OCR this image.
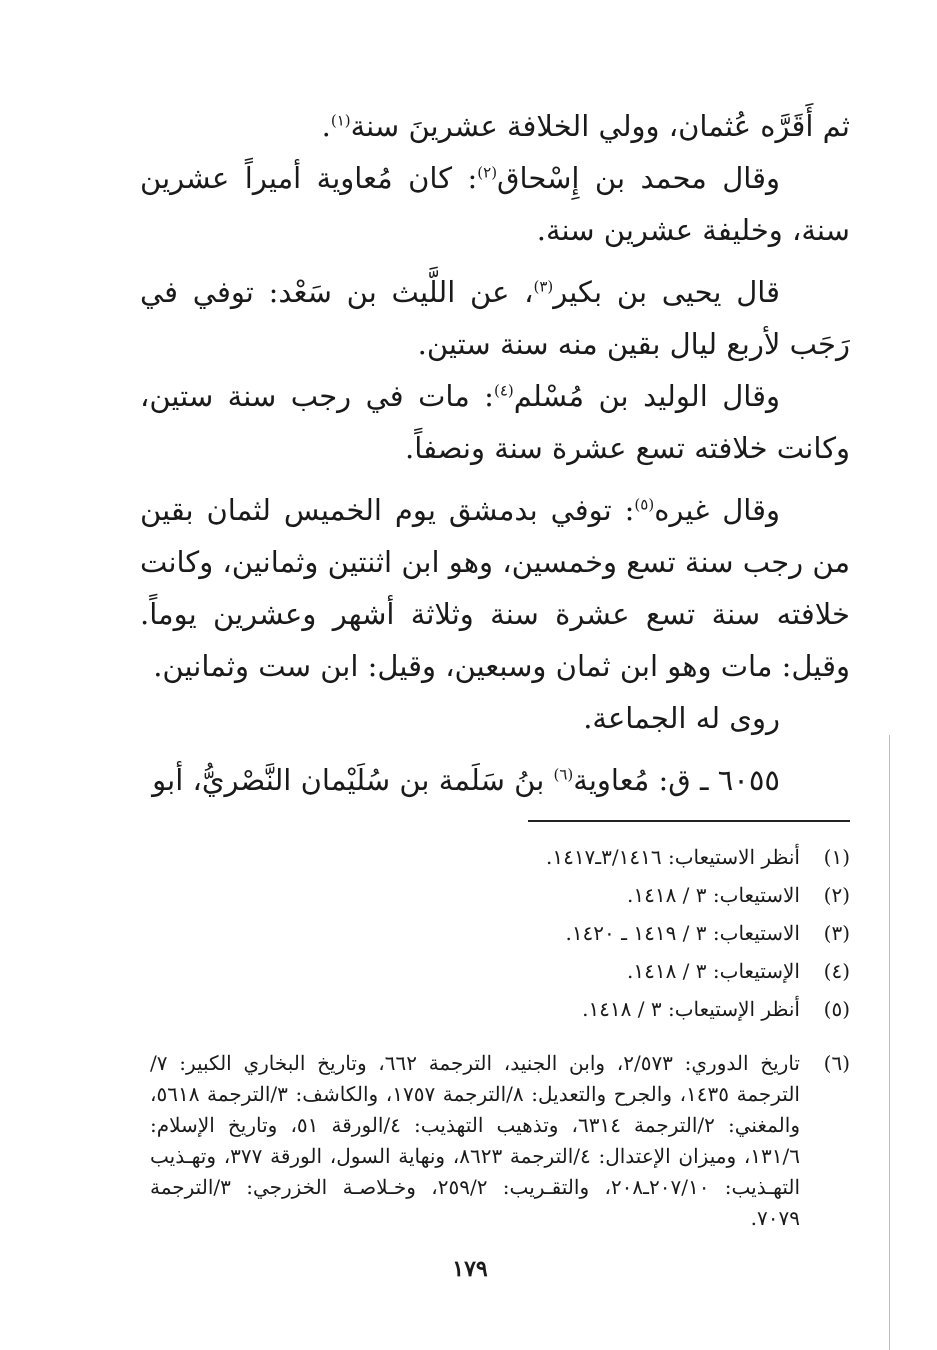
ثم أَقَرَّه عُثمان، وولي الخلافة عشرينَ سنة$^{(١)}$.

وقال محمد بن إِسْحاق$^{(٢)}$: كان مُعاوية أميراً عشرين سنة، وخليفة عشرين سنة.

قال يحيى بن بكير$^{(٣)}$، عن اللَّيث بن سَعْد: توفي في رَجَب لأربع ليال بقين منه سنة ستين.

وقال الوليد بن مُسْلم$^{(٤)}$: مات في رجب سنة ستين، وكانت خلافته تسع عشرة سنة ونصفاً.

وقال غيره$^{(٥)}$: توفي بدمشق يوم الخميس لثمان بقين من رجب سنة تسع وخمسين، وهو ابن اثنتين وثمانين، وكانت خلافته سنة تسع عشرة سنة وثلاثة أشهر وعشرين يوماً. وقيل: مات وهو ابن ثمان وسبعين، وقيل: ابن ست وثمانين.

روى له الجماعة.

٦٠٥٥ ـ ق: مُعاوية$^{(٦)}$ بنُ سَلَمة بن سُلَيْمان النَّصْريُّ، أبو

(١)
أنظر الاستيعاب: ٣/١٤١٦ـ١٤١٧.
(٢)
الاستيعاب: ٣ / ١٤١٨.
(٣)
الاستيعاب: ٣ / ١٤١٩ ـ ١٤٢٠.
(٤)
الإستيعاب: ٣ / ١٤١٨.
(٥)
أنظر الإستيعاب: ٣ / ١٤١٨.
(٦)
تاريخ الدوري: ٢/٥٧٣، وابن الجنيد، الترجمة ٦٦٢، وتاريخ البخاري الكبير: ٧/الترجمة ١٤٣٥، والجرح والتعديل: ٨/الترجمة ١٧٥٧، والكاشف: ٣/الترجمة ٥٦١٨، والمغني: ٢/الترجمة ٦٣١٤، وتذهيب التهذيب: ٤/الورقة ٥١، وتاريخ الإسلام: ١٣١/٦، وميزان الإعتدال: ٤/الترجمة ٨٦٢٣، ونهاية السول، الورقة ٣٧٧، وتهـذيب التهـذيب: ٢٠٧/١٠ـ٢٠٨، والتقـريب: ٢٥٩/٢، وخـلاصـة الخزرجي: ٣/الترجمة ٧٠٧٩.
١٧٩
